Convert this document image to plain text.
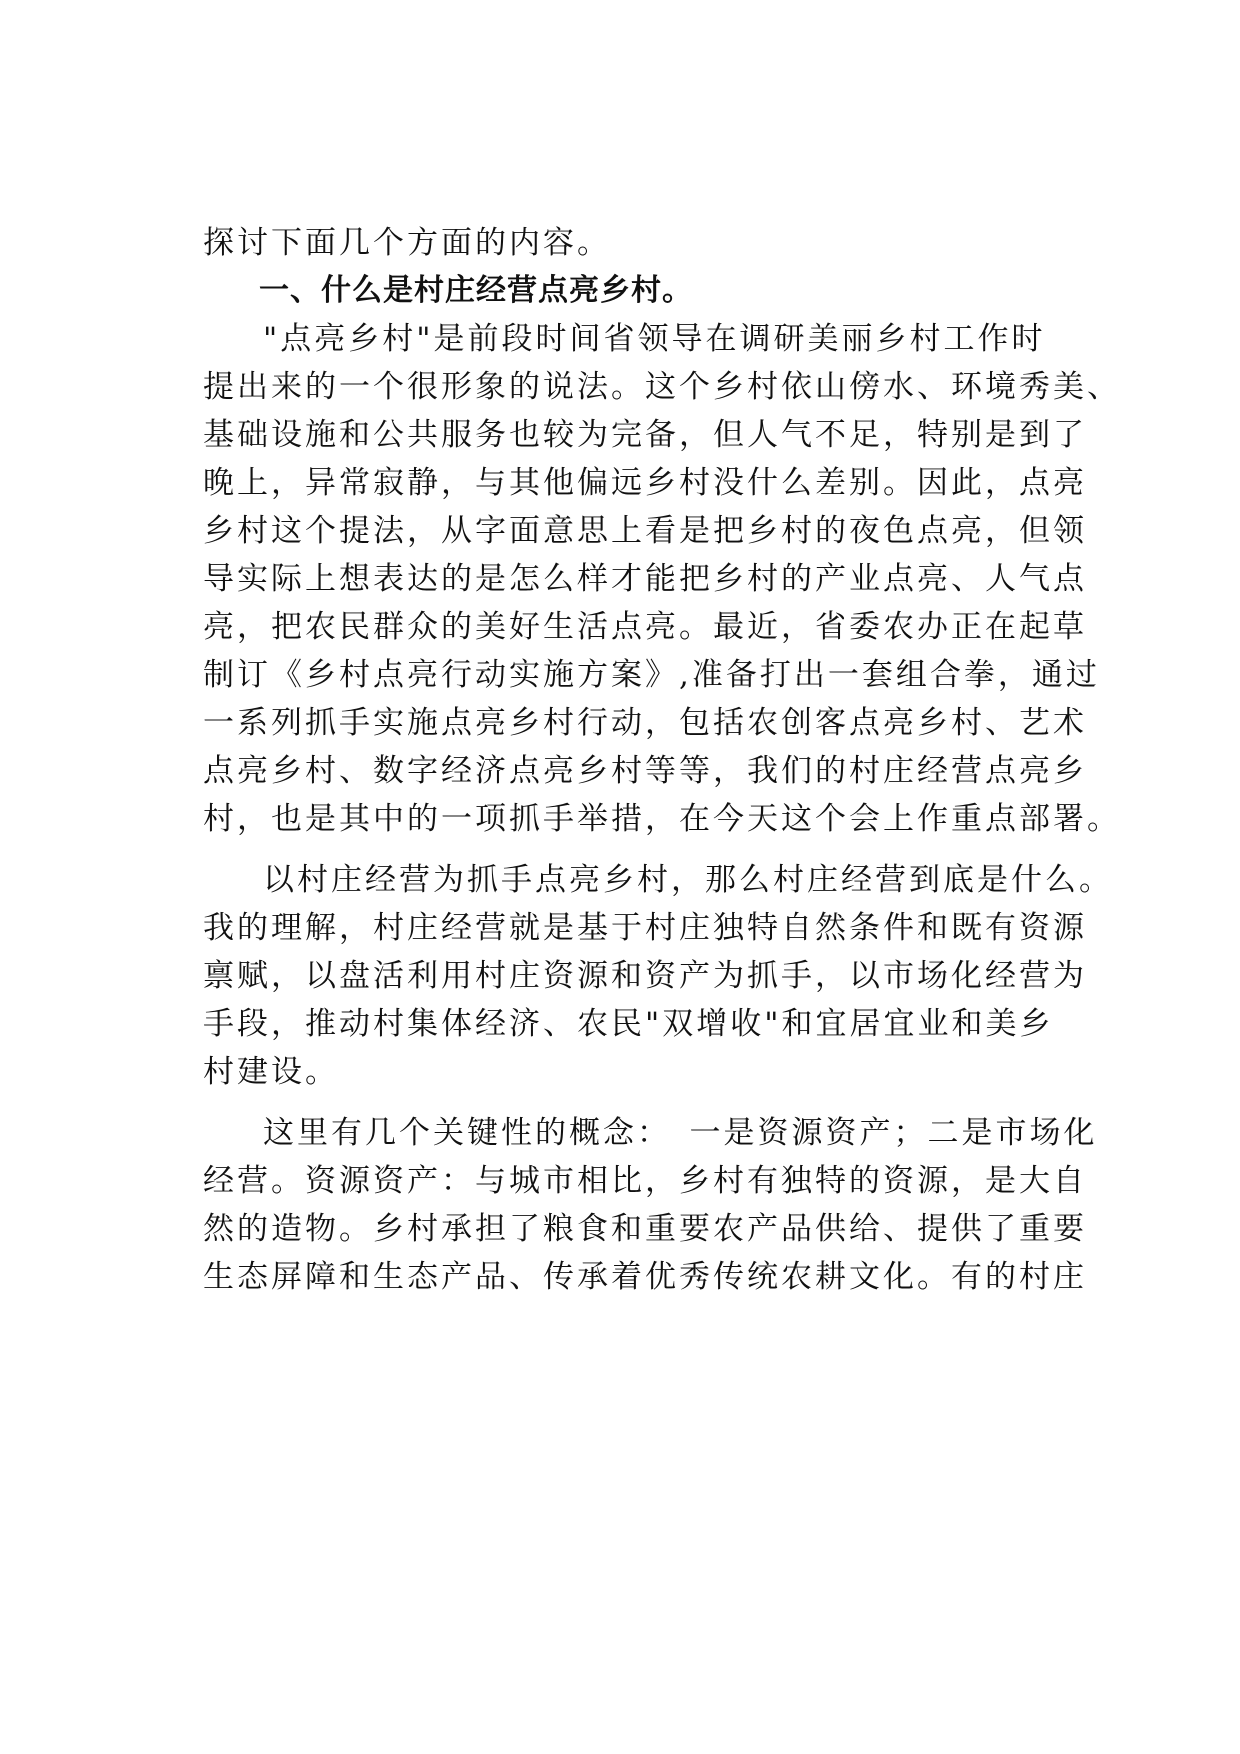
探讨下面几个方面的内容。
一、什么是村庄经营点亮乡村。
"点亮乡村"是前段时间省领导在调研美丽乡村工作时
提出来的一个很形象的说法。这个乡村依山傍水、环境秀美、
基础设施和公共服务也较为完备，但人气不足，特别是到了
晚上，异常寂静，与其他偏远乡村没什么差别。因此，点亮
乡村这个提法，从字面意思上看是把乡村的夜色点亮，但领
导实际上想表达的是怎么样才能把乡村的产业点亮、人气点
亮，把农民群众的美好生活点亮。最近，省委农办正在起草
制订《乡村点亮行动实施方案》,准备打出一套组合拳，通过
一系列抓手实施点亮乡村行动，包括农创客点亮乡村、艺术
点亮乡村、数字经济点亮乡村等等，我们的村庄经营点亮乡
村，也是其中的一项抓手举措，在今天这个会上作重点部署。
以村庄经营为抓手点亮乡村，那么村庄经营到底是什么。
我的理解，村庄经营就是基于村庄独特自然条件和既有资源
禀赋，以盘活利用村庄资源和资产为抓手，以市场化经营为
手段，推动村集体经济、农民"双增收"和宜居宜业和美乡
村建设。
这里有几个关键性的概念：　一是资源资产；二是市场化
经营。资源资产：与城市相比，乡村有独特的资源，是大自
然的造物。乡村承担了粮食和重要农产品供给、提供了重要
生态屏障和生态产品、传承着优秀传统农耕文化。有的村庄
